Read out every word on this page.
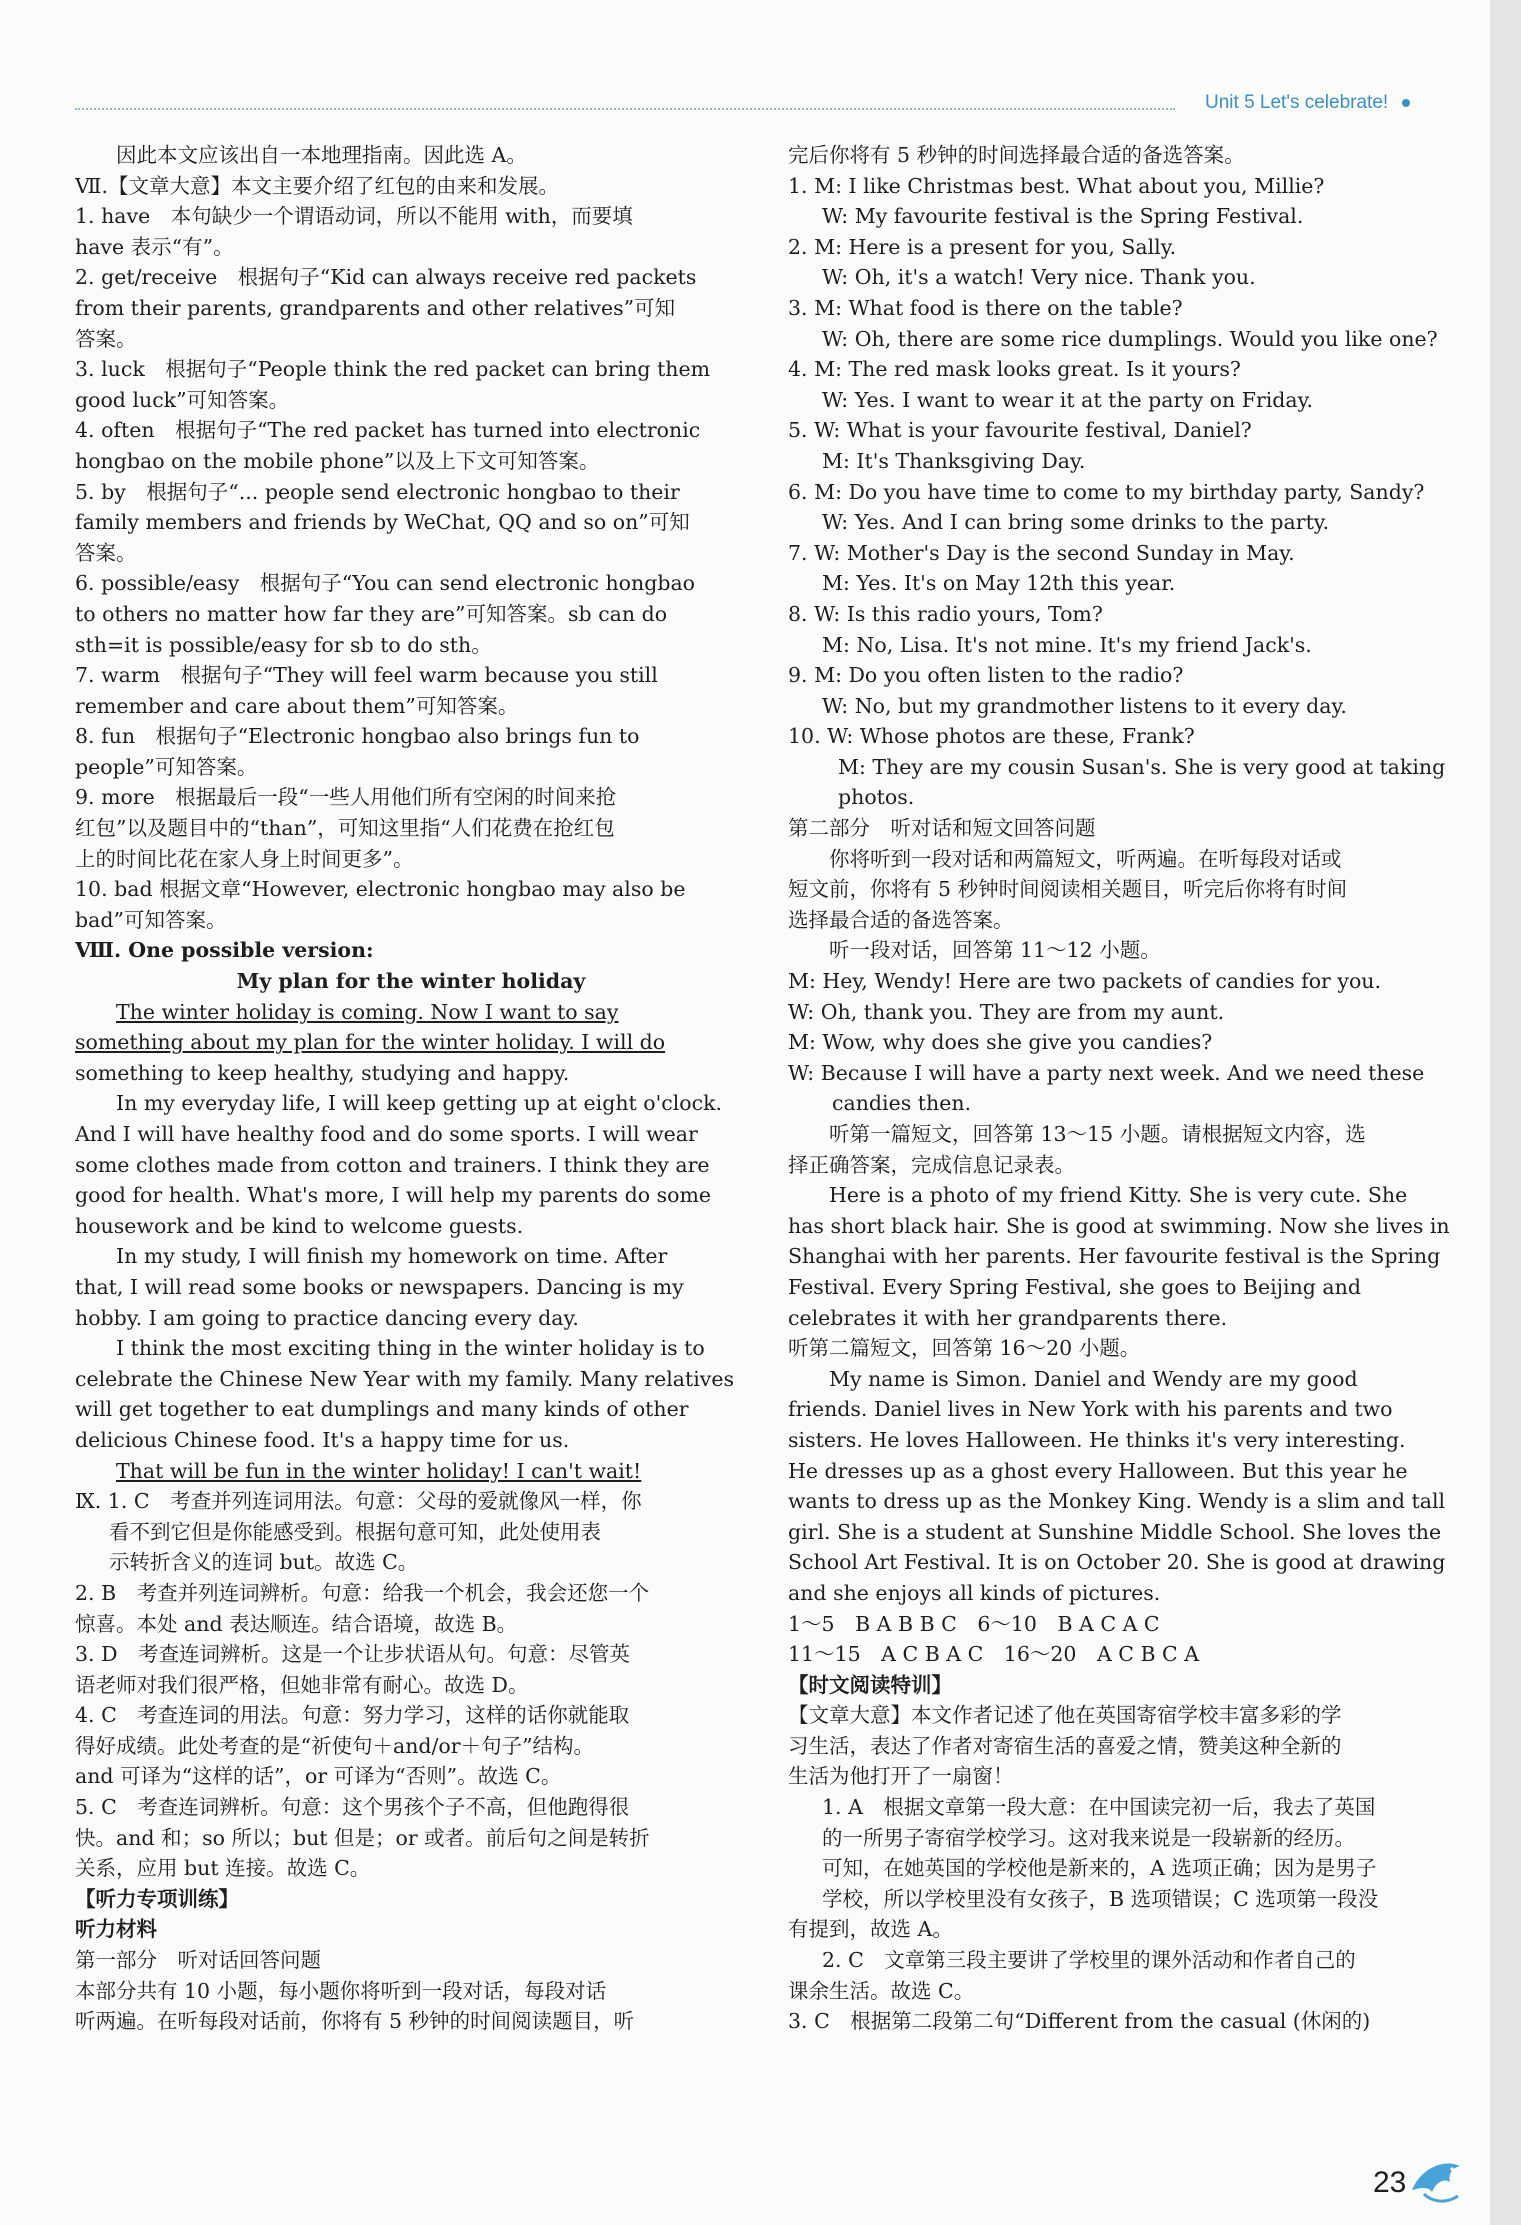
Unit 5 Let's celebrate!
因此本文应该出自一本地理指南。因此选 A。
Ⅶ.【文章大意】本文主要介绍了红包的由来和发展。
1. have　本句缺少一个谓语动词，所以不能用 with，而要填
have 表示“有”。
2. get/receive　根据句子“Kid can always receive red packets
from their parents, grandparents and other relatives”可知
答案。
3. luck　根据句子“People think the red packet can bring them
good luck”可知答案。
4. often　根据句子“The red packet has turned into electronic
hongbao on the mobile phone”以及上下文可知答案。
5. by　根据句子“... people send electronic hongbao to their
family members and friends by WeChat, QQ and so on”可知
答案。
6. possible/easy　根据句子“You can send electronic hongbao
to others no matter how far they are”可知答案。sb can do
sth=it is possible/easy for sb to do sth。
7. warm　根据句子“They will feel warm because you still
remember and care about them”可知答案。
8. fun　根据句子“Electronic hongbao also brings fun to
people”可知答案。
9. more　根据最后一段“一些人用他们所有空闲的时间来抢
红包”以及题目中的“than”，可知这里指“人们花费在抢红包
上的时间比花在家人身上时间更多”。
10. bad 根据文章“However, electronic hongbao may also be
bad”可知答案。
Ⅷ. One possible version:
My plan for the winter holiday
The winter holiday is coming. Now I want to say
something about my plan for the winter holiday. I will do
something to keep healthy, studying and happy.
In my everyday life, I will keep getting up at eight o'clock.
And I will have healthy food and do some sports. I will wear
some clothes made from cotton and trainers. I think they are
good for health. What's more, I will help my parents do some
housework and be kind to welcome guests.
In my study, I will finish my homework on time. After
that, I will read some books or newspapers. Dancing is my
hobby. I am going to practice dancing every day.
I think the most exciting thing in the winter holiday is to
celebrate the Chinese New Year with my family. Many relatives
will get together to eat dumplings and many kinds of other
delicious Chinese food. It's a happy time for us.
That will be fun in the winter holiday! I can't wait!
Ⅸ. 1. C　考查并列连词用法。句意：父母的爱就像风一样，你
看不到它但是你能感受到。根据句意可知，此处使用表
示转折含义的连词 but。故选 C。
2. B　考查并列连词辨析。句意：给我一个机会，我会还您一个
惊喜。本处 and 表达顺连。结合语境，故选 B。
3. D　考查连词辨析。这是一个让步状语从句。句意：尽管英
语老师对我们很严格，但她非常有耐心。故选 D。
4. C　考查连词的用法。句意：努力学习，这样的话你就能取
得好成绩。此处考查的是“祈使句＋and/or＋句子”结构。
and 可译为“这样的话”，or 可译为“否则”。故选 C。
5. C　考查连词辨析。句意：这个男孩个子不高，但他跑得很
快。and 和；so 所以；but 但是；or 或者。前后句之间是转折
关系，应用 but 连接。故选 C。
【听力专项训练】
听力材料
第一部分　听对话回答问题
本部分共有 10 小题，每小题你将听到一段对话，每段对话
听两遍。在听每段对话前，你将有 5 秒钟的时间阅读题目，听
完后你将有 5 秒钟的时间选择最合适的备选答案。
1. M: I like Christmas best. What about you, Millie?
W: My favourite festival is the Spring Festival.
2. M: Here is a present for you, Sally.
W: Oh, it's a watch! Very nice. Thank you.
3. M: What food is there on the table?
W: Oh, there are some rice dumplings. Would you like one?
4. M: The red mask looks great. Is it yours?
W: Yes. I want to wear it at the party on Friday.
5. W: What is your favourite festival, Daniel?
M: It's Thanksgiving Day.
6. M: Do you have time to come to my birthday party, Sandy?
W: Yes. And I can bring some drinks to the party.
7. W: Mother's Day is the second Sunday in May.
M: Yes. It's on May 12th this year.
8. W: Is this radio yours, Tom?
M: No, Lisa. It's not mine. It's my friend Jack's.
9. M: Do you often listen to the radio?
W: No, but my grandmother listens to it every day.
10. W: Whose photos are these, Frank?
M: They are my cousin Susan's. She is very good at taking
photos.
第二部分　听对话和短文回答问题
你将听到一段对话和两篇短文，听两遍。在听每段对话或
短文前，你将有 5 秒钟时间阅读相关题目，听完后你将有时间
选择最合适的备选答案。
听一段对话，回答第 11～12 小题。
M: Hey, Wendy! Here are two packets of candies for you.
W: Oh, thank you. They are from my aunt.
M: Wow, why does she give you candies?
W: Because I will have a party next week. And we need these
candies then.
听第一篇短文，回答第 13～15 小题。请根据短文内容，选
择正确答案，完成信息记录表。
Here is a photo of my friend Kitty. She is very cute. She
has short black hair. She is good at swimming. Now she lives in
Shanghai with her parents. Her favourite festival is the Spring
Festival. Every Spring Festival, she goes to Beijing and
celebrates it with her grandparents there.
听第二篇短文，回答第 16～20 小题。
My name is Simon. Daniel and Wendy are my good
friends. Daniel lives in New York with his parents and two
sisters. He loves Halloween. He thinks it's very interesting.
He dresses up as a ghost every Halloween. But this year he
wants to dress up as the Monkey King. Wendy is a slim and tall
girl. She is a student at Sunshine Middle School. She loves the
School Art Festival. It is on October 20. She is good at drawing
and she enjoys all kinds of pictures.
1～5　B A B B C　6～10　B A C A C
11～15　A C B A C　16～20　A C B C A
【时文阅读特训】
【文章大意】本文作者记述了他在英国寄宿学校丰富多彩的学
习生活，表达了作者对寄宿生活的喜爱之情，赞美这种全新的
生活为他打开了一扇窗！
1. A　根据文章第一段大意：在中国读完初一后，我去了英国
的一所男子寄宿学校学习。这对我来说是一段崭新的经历。
可知，在她英国的学校他是新来的，A 选项正确；因为是男子
学校，所以学校里没有女孩子，B 选项错误；C 选项第一段没
有提到，故选 A。
2. C　文章第三段主要讲了学校里的课外活动和作者自己的
课余生活。故选 C。
3. C　根据第二段第二句“Different from the casual (休闲的)
23
